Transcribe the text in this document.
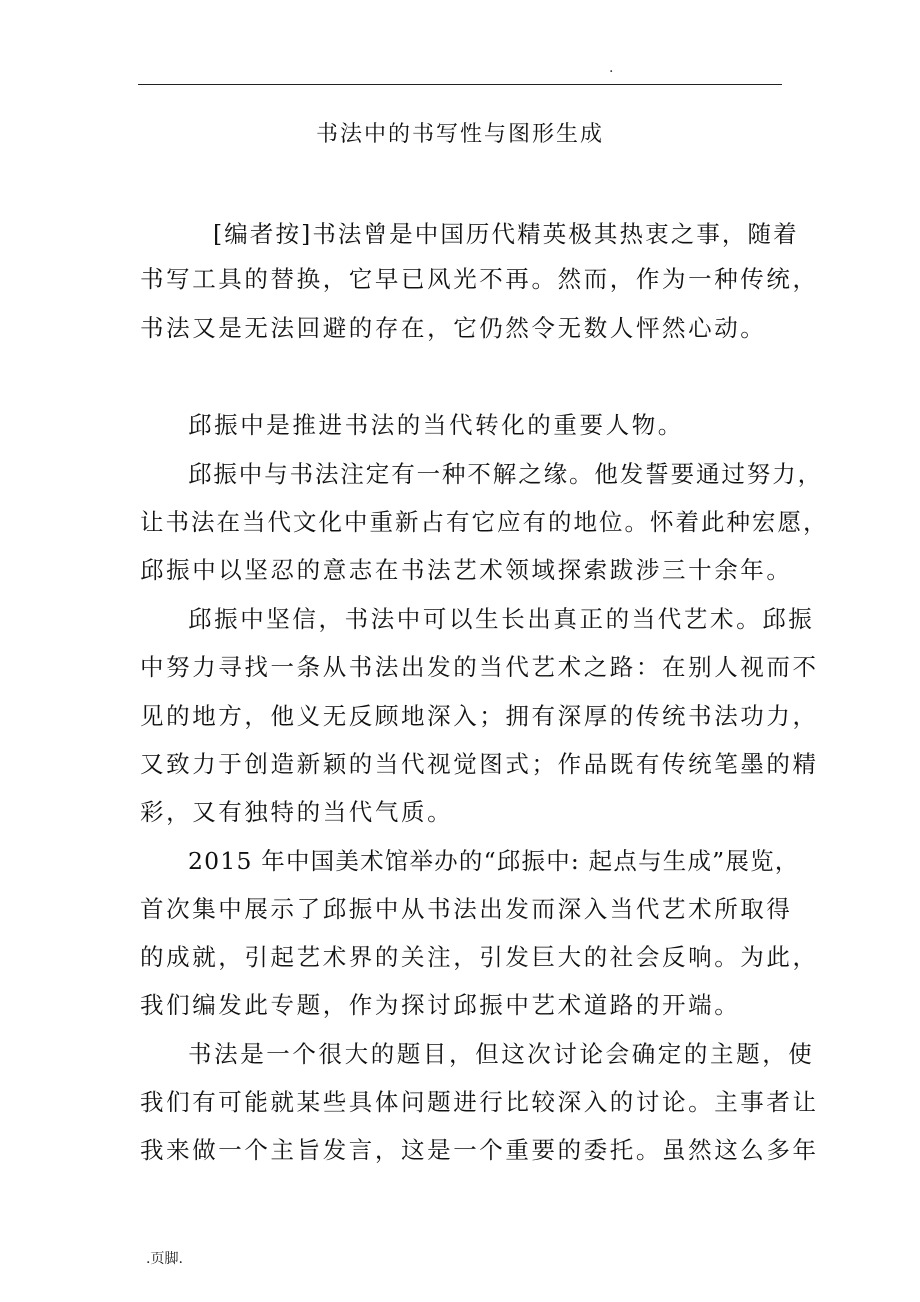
.
书法中的书写性与图形生成
[编者按]书法曾是中国历代精英极其热衷之事，随着
书写工具的替换，它早已风光不再。然而，作为一种传统，
书法又是无法回避的存在，它仍然令无数人怦然心动。
邱振中是推进书法的当代转化的重要人物。
邱振中与书法注定有一种不解之缘。他发誓要通过努力，
让书法在当代文化中重新占有它应有的地位。怀着此种宏愿，
邱振中以坚忍的意志在书法艺术领域探索跋涉三十余年。
邱振中坚信，书法中可以生长出真正的当代艺术。邱振
中努力寻找一条从书法出发的当代艺术之路：在别人视而不
见的地方，他义无反顾地深入；拥有深厚的传统书法功力，
又致力于创造新颖的当代视觉图式；作品既有传统笔墨的精
彩，又有独特的当代气质。
2015 年中国美术馆举办的“邱振中: 起点与生成”展览，
首次集中展示了邱振中从书法出发而深入当代艺术所取得
的成就，引起艺术界的关注，引发巨大的社会反响。为此，
我们编发此专题，作为探讨邱振中艺术道路的开端。
书法是一个很大的题目，但这次讨论会确定的主题，使
我们有可能就某些具体问题进行比较深入的讨论。主事者让
我来做一个主旨发言，这是一个重要的委托。虽然这么多年
.页脚.
